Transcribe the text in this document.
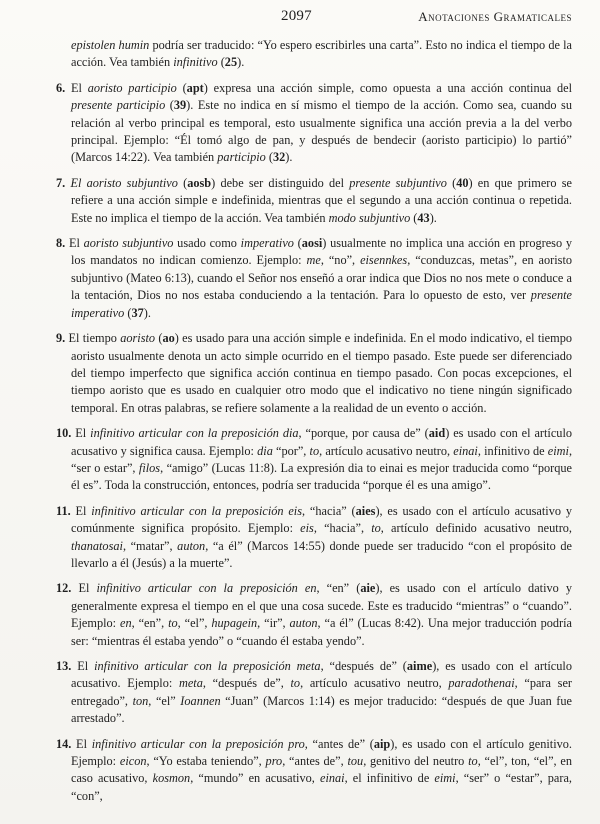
2097	Anotaciones Gramaticales

epistolen humin podría ser traducido: “Yo espero escribirles una carta”. Esto no indica el tiempo de la acción. Vea también infinitivo (25).

6. El aoristo participio (apt) expresa una acción simple, como opuesta a una acción continua del presente participio (39). Este no indica en sí mismo el tiempo de la acción. Como sea, cuando su relación al verbo principal es temporal, esto usualmente significa una acción previa a la del verbo principal. Ejemplo: “Él tomó algo de pan, y después de bendecir (aoristo participio) lo partió” (Marcos 14:22). Vea también participio (32).

7. El aoristo subjuntivo (aosb) debe ser distinguido del presente subjuntivo (40) en que primero se refiere a una acción simple e indefinida, mientras que el segundo a una acción continua o repetida. Este no implica el tiempo de la acción. Vea también modo subjuntivo (43).

8. El aoristo subjuntivo usado como imperativo (aosi) usualmente no implica una acción en progreso y los mandatos no indican comienzo. Ejemplo: me, “no”, eisennkes, “conduzcas, metas”, en aoristo subjuntivo (Mateo 6:13), cuando el Señor nos enseñó a orar indica que Dios no nos mete o conduce a la tentación, Dios no nos estaba conduciendo a la tentación. Para lo opuesto de esto, ver presente imperativo (37).

9. El tiempo aoristo (ao) es usado para una acción simple e indefinida. En el modo indicativo, el tiempo aoristo usualmente denota un acto simple ocurrido en el tiempo pasado. Este puede ser diferenciado del tiempo imperfecto que significa acción continua en tiempo pasado. Con pocas excepciones, el tiempo aoristo que es usado en cualquier otro modo que el indicativo no tiene ningún significado temporal. En otras palabras, se refiere solamente a la realidad de un evento o acción.

10. El infinitivo articular con la preposición dia, “porque, por causa de” (aid) es usado con el artículo acusativo y significa causa. Ejemplo: dia “por”, to, artículo acusativo neutro, einai, infinitivo de eimi, “ser o estar”, filos, “amigo” (Lucas 11:8). La expresión dia to einai es mejor traducida como “porque él es”. Toda la construcción, entonces, podría ser traducida “porque él es una amigo”.

11. El infinitivo articular con la preposición eis, “hacia” (aies), es usado con el artículo acusativo y comúnmente significa propósito. Ejemplo: eis, “hacia”, to, artículo definido acusativo neutro, thanatosai, “matar”, auton, “a él” (Marcos 14:55) donde puede ser traducido “con el propósito de llevarlo a él (Jesús) a la muerte”.

12. El infinitivo articular con la preposición en, “en” (aie), es usado con el artículo dativo y generalmente expresa el tiempo en el que una cosa sucede. Este es traducido “mientras” o “cuando”. Ejemplo: en, “en”, to, “el”, hupagein, “ir”, auton, “a él” (Lucas 8:42). Una mejor traducción podría ser: “mientras él estaba yendo” o “cuando él estaba yendo”.

13. El infinitivo articular con la preposición meta, “después de” (aime), es usado con el artículo acusativo. Ejemplo: meta, “después de”, to, artículo acusativo neutro, paradothenai, “para ser entregado”, ton, “el” Ioannen “Juan” (Marcos 1:14) es mejor traducido: “después de que Juan fue arrestado”.

14. El infinitivo articular con la preposición pro, “antes de” (aip), es usado con el artículo genitivo. Ejemplo: eicon, “Yo estaba teniendo”, pro, “antes de”, tou, genitivo del neutro to, “el”, ton, “el”, en caso acusativo, kosmon, “mundo” en acusativo, einai, el infinitivo de eimi, “ser” o “estar”, para, “con”,
